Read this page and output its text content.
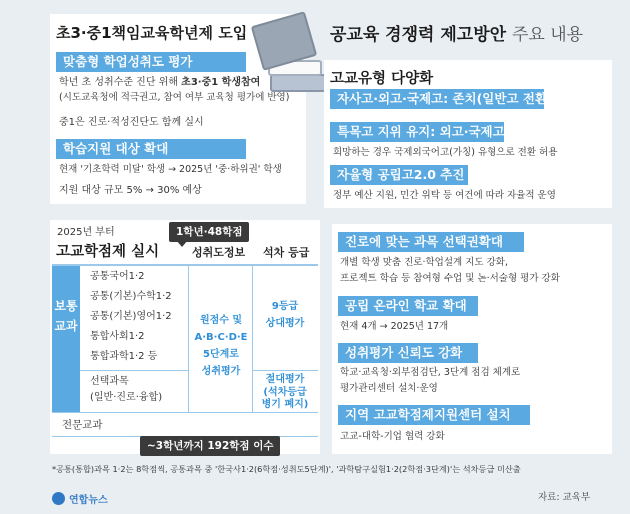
초3·중1책임교육학년제 도입
맞춤형 학업성취도 평가
학년 초 성취수준 진단 위해 초3·중1 학생참여
(시도교육청에 적극권고, 참여 여부 교육청 평가에 반영)
중1은 진로·적성진단도 함께 실시
학습지원 대상 확대
현재 '기초학력 미달' 학생 → 2025년 '중·하위권' 학생
지원 대상 규모 5% → 30% 예상
공교육 경쟁력 제고방안 주요 내용
고교유형 다양화
자사고·외고·국제고: 존치(일반고 전환 X)
특목고 지위 유지: 외고·국제고
희망하는 경우 국제외국어고(가칭) 유형으로 전환 허용
자율형 공립고2.0 추진
정부 예산 지원, 민간 위탁 등 여건에 따라 자율적 운영
2025년 부터
고교학점제 실시
1학년·48학점
성취도정보 석차 등급
보통교과
공통국어1·2
공통(기본)수학1·2
공통(기본)영어1·2
통합사회1·2
통합과학1·2 등
선택과목
(일반·진로·융합)
전문교과
원점수 및
A·B·C·D·E
5단계로
성취평가
9등급
상대평가
절대평가
(석차등급
병기 폐지)
~3학년까지 192학점 이수
진로에 맞는 과목 선택권확대
개별 학생 맞춤 진로·학업설계 지도 강화,
프로젝트 학습 등 참여형 수업 및 논·서술형 평가 강화
공립 온라인 학교 확대
현재 4개 → 2025년 17개
성취평가 신뢰도 강화
학교·교육청·외부점검단, 3단계 점검 체계로
평가관리센터 설치·운영
지역 고교학점제지원센터 설치
고교-대학-기업 협력 강화
*공통(통합)과목 1·2는 8학점씩, 공통과목 중 '한국사1·2(6학점·성취도5단계)', '과학탐구실험1·2(2학점·3단계)'는 석차등급 미산출
연합뉴스	자료: 교육부
